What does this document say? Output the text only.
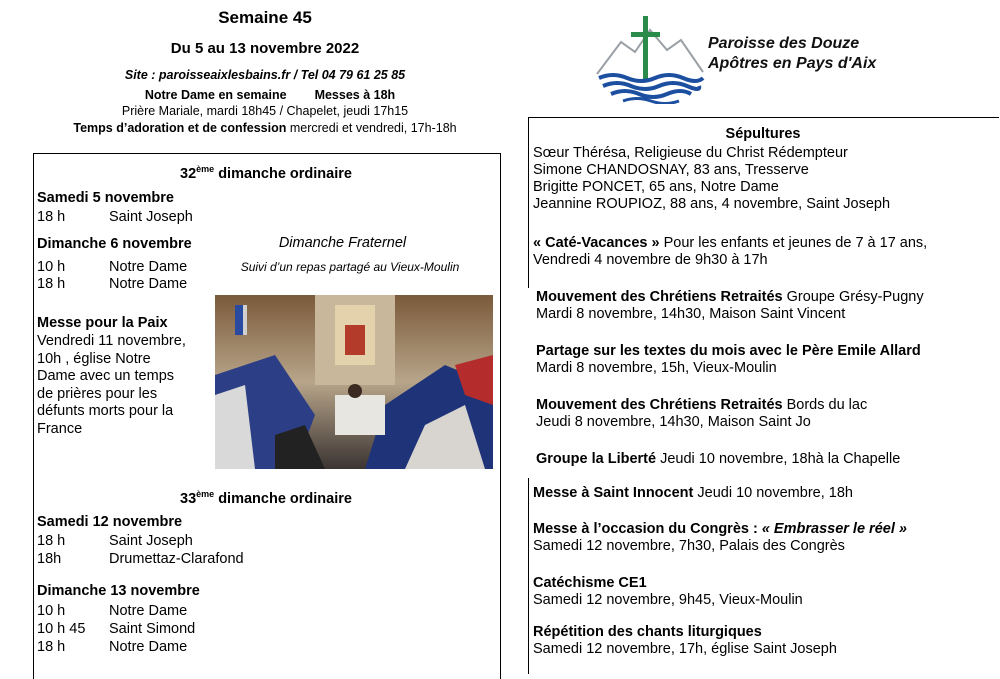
Semaine 45
Du 5 au 13 novembre 2022
Site : paroisseaixlesbains.fr / Tel 04 79 61 25 85
Notre Dame en semaine Messes à 18h
Prière Mariale, mardi 18h45 / Chapelet, jeudi 17h15
Temps d’adoration et de confession mercredi et vendredi, 17h-18h
Paroisse des Douze
Apôtres en Pays d'Aix
32ème dimanche ordinaire
Samedi 5 novembre
18 h	Saint Joseph
Dimanche 6 novembre
10 h	Notre Dame
18 h	Notre Dame
Dimanche Fraternel
Suivi d’un repas partagé au Vieux-Moulin
Messe pour la Paix
Vendredi 11 novembre,
10h , église Notre
Dame avec un temps
de prières pour les
défunts morts pour la
France
33ème dimanche ordinaire
Samedi 12 novembre
18 h	Saint Joseph
18h	Drumettaz-Clarafond
Dimanche 13 novembre
10 h	Notre Dame
10 h 45 Saint Simond
18 h	Notre Dame
Sépultures
Sœur Thérésa, Religieuse du Christ Rédempteur
Simone CHANDOSNAY, 83 ans, Tresserve
Brigitte PONCET, 65 ans, Notre Dame
Jeannine ROUPIOZ, 88 ans, 4 novembre, Saint Joseph
« Caté-Vacances » Pour les enfants et jeunes de 7 à 17 ans,
Vendredi 4 novembre de 9h30 à 17h
Mouvement des Chrétiens Retraités Groupe Grésy-Pugny
Mardi 8 novembre, 14h30, Maison Saint Vincent
Partage sur les textes du mois avec le Père Emile Allard
Mardi 8 novembre, 15h, Vieux-Moulin
Mouvement des Chrétiens Retraités Bords du lac
Jeudi 8 novembre, 14h30, Maison Saint Jo
Groupe la Liberté Jeudi 10 novembre, 18hà la Chapelle
Messe à Saint Innocent Jeudi 10 novembre, 18h
Messe à l’occasion du Congrès : « Embrasser le réel »
Samedi 12 novembre, 7h30, Palais des Congrès
Catéchisme CE1
Samedi 12 novembre, 9h45, Vieux-Moulin
Répétition des chants liturgiques
Samedi 12 novembre, 17h, église Saint Joseph
